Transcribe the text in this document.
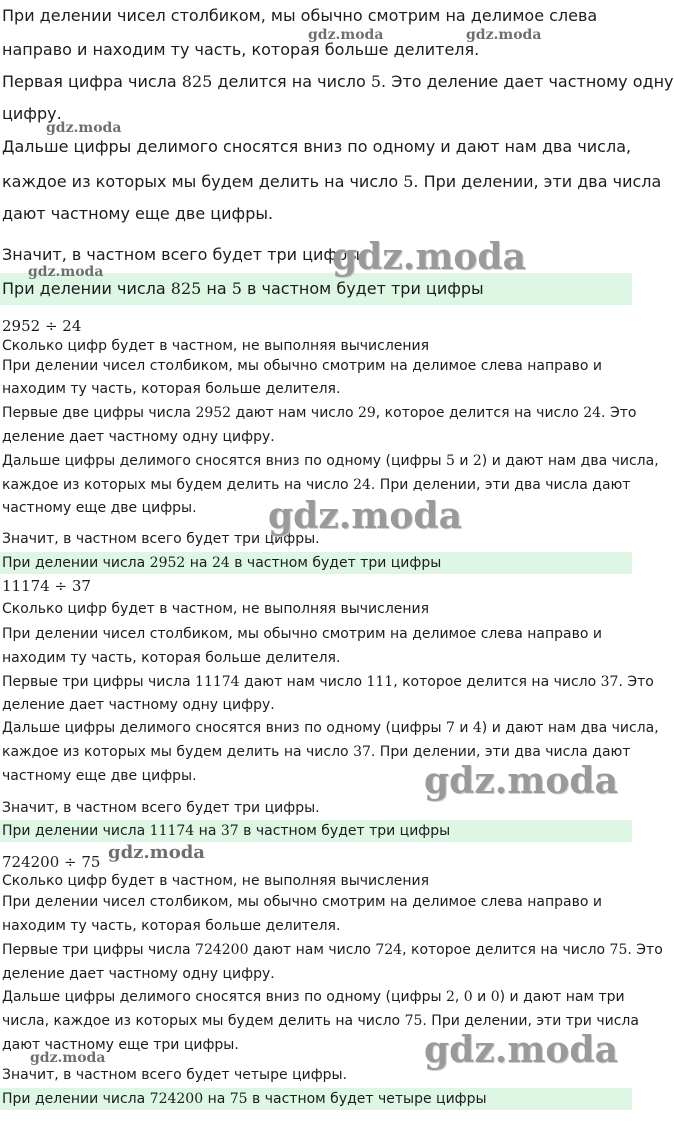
При делении чисел столбиком, мы обычно смотрим на делимое слева
направо и находим ту часть, которая больше делителя.
Первая цифра числа 825 делится на число 5. Это деление дает частному одну
цифру.
Дальше цифры делимого сносятся вниз по одному и дают нам два числа,
каждое из которых мы будем делить на число 5. При делении, эти два числа
дают частному еще две цифры.
Значит, в частном всего будет три цифры.
При делении числа 825 на 5 в частном будет три цифры
2952 ÷ 24
Сколько цифр будет в частном, не выполняя вычисления
При делении чисел столбиком, мы обычно смотрим на делимое слева направо и
находим ту часть, которая больше делителя.
Первые две цифры числа 2952 дают нам число 29, которое делится на число 24. Это
деление дает частному одну цифру.
Дальше цифры делимого сносятся вниз по одному (цифры 5 и 2) и дают нам два числа,
каждое из которых мы будем делить на число 24. При делении, эти два числа дают
частному еще две цифры.
Значит, в частном всего будет три цифры.
При делении числа 2952 на 24 в частном будет три цифры
11174 ÷ 37
Сколько цифр будет в частном, не выполняя вычисления
При делении чисел столбиком, мы обычно смотрим на делимое слева направо и
находим ту часть, которая больше делителя.
Первые три цифры числа 11174 дают нам число 111, которое делится на число 37. Это
деление дает частному одну цифру.
Дальше цифры делимого сносятся вниз по одному (цифры 7 и 4) и дают нам два числа,
каждое из которых мы будем делить на число 37. При делении, эти два числа дают
частному еще две цифры.
Значит, в частном всего будет три цифры.
При делении числа 11174 на 37 в частном будет три цифры
724200 ÷ 75
Сколько цифр будет в частном, не выполняя вычисления
При делении чисел столбиком, мы обычно смотрим на делимое слева направо и
находим ту часть, которая больше делителя.
Первые три цифры числа 724200 дают нам число 724, которое делится на число 75. Это
деление дает частному одну цифру.
Дальше цифры делимого сносятся вниз по одному (цифры 2, 0 и 0) и дают нам три
числа, каждое из которых мы будем делить на число 75. При делении, эти три числа
дают частному еще три цифры.
Значит, в частном всего будет четыре цифры.
При делении числа 724200 на 75 в частном будет четыре цифры
gdz.moda	gdz.moda
gdz.moda
gdz.moda
gdz.moda
gdz.moda
gdz.moda
gdz.moda
gdz.moda
gdz.moda
